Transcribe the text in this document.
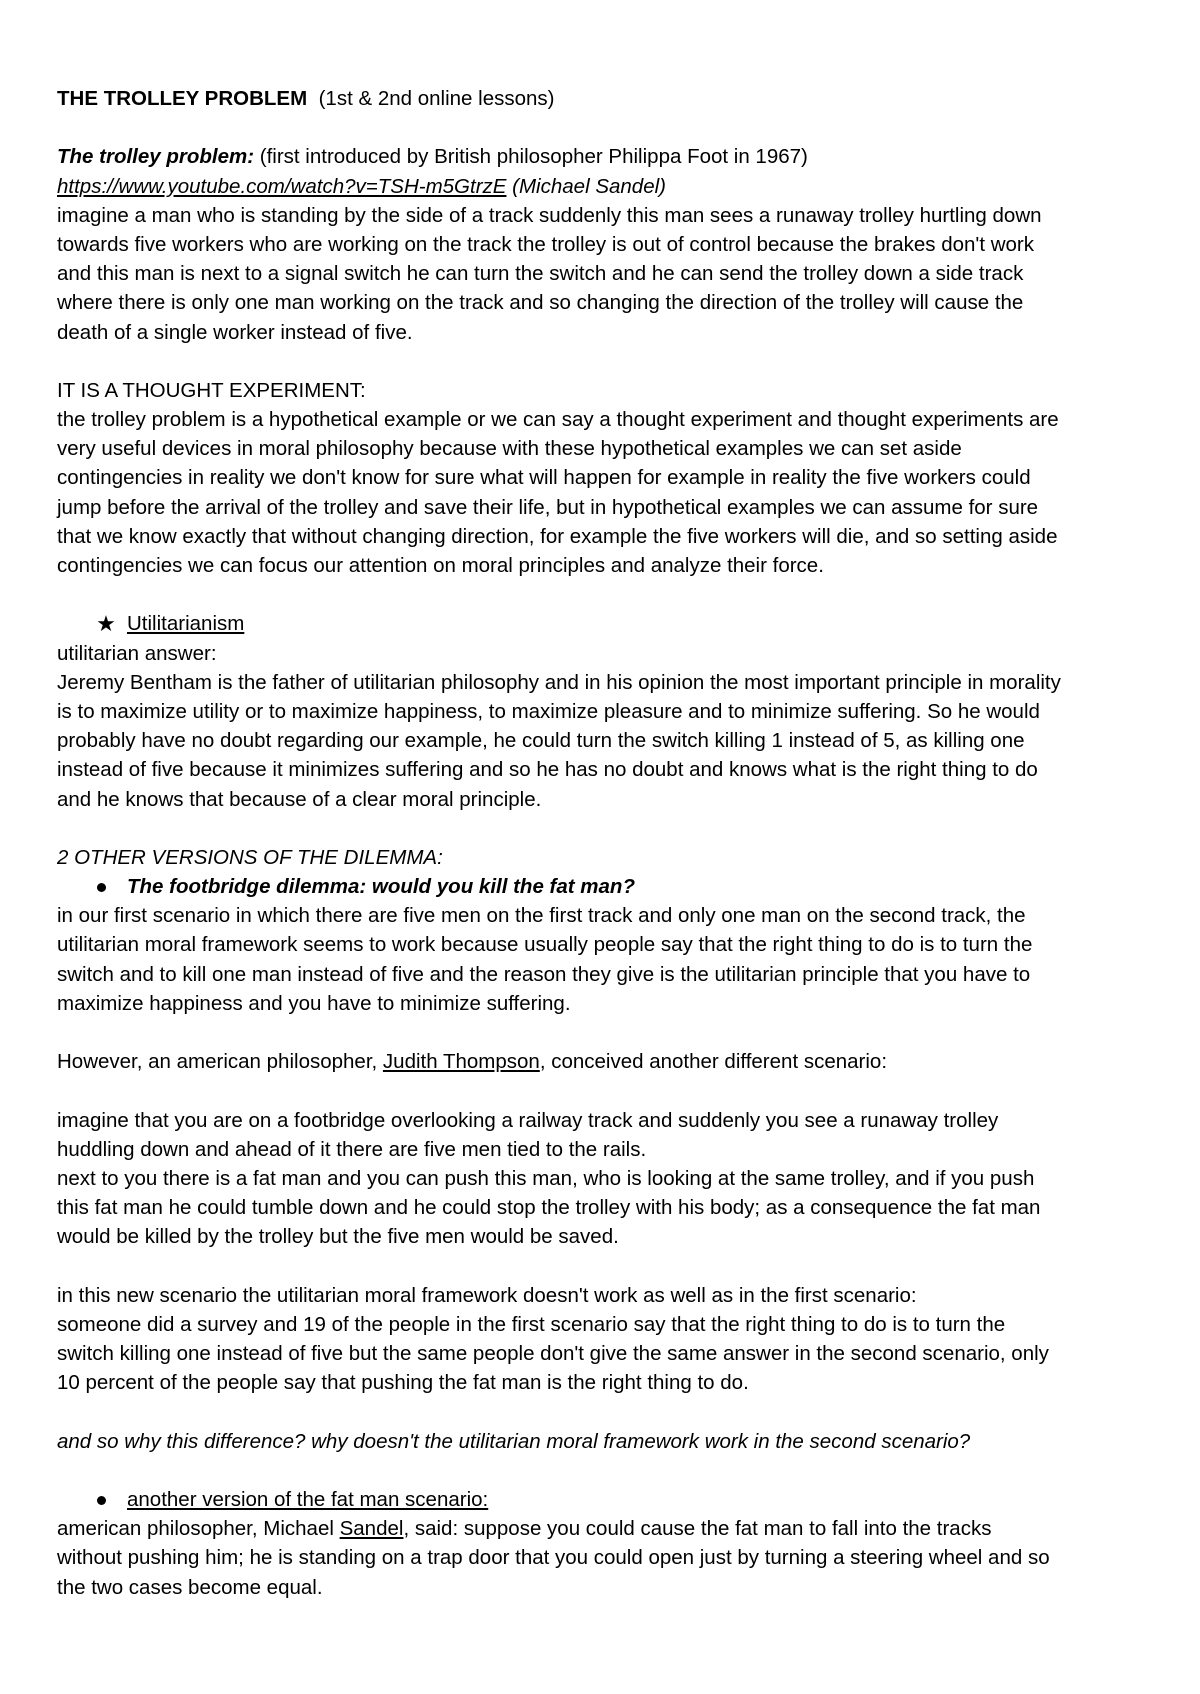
THE TROLLEY PROBLEM (1st & 2nd online lessons)
The trolley problem: (first introduced by British philosopher Philippa Foot in 1967)
https://www.youtube.com/watch?v=TSH-m5GtrzE (Michael Sandel)
imagine a man who is standing by the side of a track suddenly this man sees a runaway trolley hurtling down
towards five workers who are working on the track the trolley is out of control because the brakes don't work
and this man is next to a signal switch he can turn the switch and he can send the trolley down a side track
where there is only one man working on the track and so changing the direction of the trolley will cause the
death of a single worker instead of five.
IT IS A THOUGHT EXPERIMENT:
the trolley problem is a hypothetical example or we can say a thought experiment and thought experiments are
very useful devices in moral philosophy because with these hypothetical examples we can set aside
contingencies in reality we don't know for sure what will happen for example in reality the five workers could
jump before the arrival of the trolley and save their life, but in hypothetical examples we can assume for sure
that we know exactly that without changing direction, for example the five workers will die, and so setting aside
contingencies we can focus our attention on moral principles and analyze their force.
★ Utilitarianism
utilitarian answer:
Jeremy Bentham is the father of utilitarian philosophy and in his opinion the most important principle in morality
is to maximize utility or to maximize happiness, to maximize pleasure and to minimize suffering. So he would
probably have no doubt regarding our example, he could turn the switch killing 1 instead of 5, as killing one
instead of five because it minimizes suffering and so he has no doubt and knows what is the right thing to do
and he knows that because of a clear moral principle.
2 OTHER VERSIONS OF THE DILEMMA:
The footbridge dilemma: would you kill the fat man?
in our first scenario in which there are five men on the first track and only one man on the second track, the
utilitarian moral framework seems to work because usually people say that the right thing to do is to turn the
switch and to kill one man instead of five and the reason they give is the utilitarian principle that you have to
maximize happiness and you have to minimize suffering.
However, an american philosopher, Judith Thompson, conceived another different scenario:
imagine that you are on a footbridge overlooking a railway track and suddenly you see a runaway trolley
huddling down and ahead of it there are five men tied to the rails.
next to you there is a fat man and you can push this man, who is looking at the same trolley, and if you push
this fat man he could tumble down and he could stop the trolley with his body; as a consequence the fat man
would be killed by the trolley but the five men would be saved.
in this new scenario the utilitarian moral framework doesn't work as well as in the first scenario:
someone did a survey and 19 of the people in the first scenario say that the right thing to do is to turn the
switch killing one instead of five but the same people don't give the same answer in the second scenario, only
10 percent of the people say that pushing the fat man is the right thing to do.
and so why this difference? why doesn't the utilitarian moral framework work in the second scenario?
another version of the fat man scenario:
american philosopher, Michael Sandel, said: suppose you could cause the fat man to fall into the tracks
without pushing him; he is standing on a trap door that you could open just by turning a steering wheel and so
the two cases become equal.
